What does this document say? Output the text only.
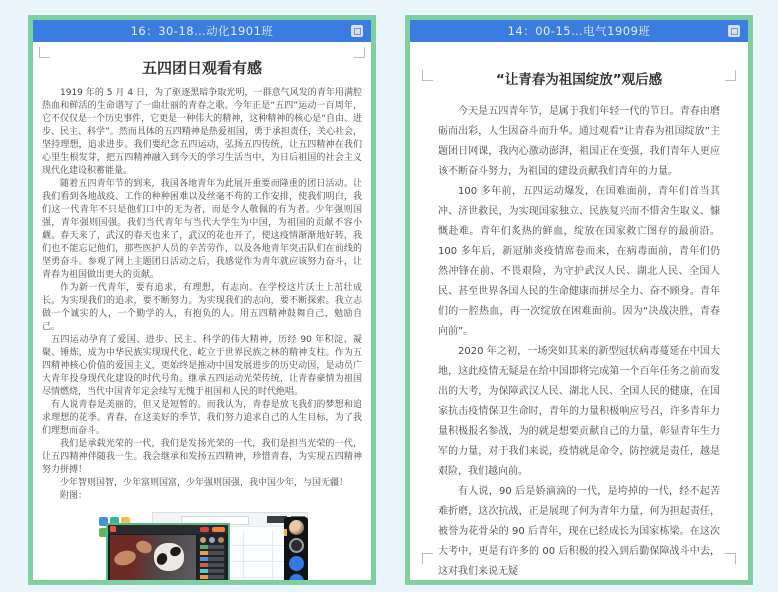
16：30-18…动化1901班
五四团日观看有感

1919 年的 5 月 4 日，为了驱逐黑暗争取光明，一群意气风发的青年用满腔热血和鲜活的生命谱写了一曲壮丽的青春之歌。今年正是“五四”运动一百周年，它不仅仅是一个历史事件，它更是一种伟大的精神，这种精神的核心是“自由、进步、民主、科学”。然而具体的五四精神是热爱祖国，勇于承担责任，关心社会，坚持理想，追求进步。我们要纪念五四运动，弘扬五四传统，让五四精神在我们心里生根发芽，把五四精神融入到今天的学习生活当中，为日后祖国的社会主义现代化建设积蓄能量。

随着五四青年节的到来，我国各地青年为此展开重要而隆重的团日活动。让我们看到各地战疫、工作的种种困难以及丝毫不苟的工作安排，使我们明白，我们这一代青年不只是他们口中的无为者，而是令人敬佩的有为者。少年强则国强，青年强则国强。我们当代青年与当代大学生为中国，为祖国的贡献不容小觑。春天来了，武汉的春天也来了，武汉的花也开了，使这疫情渐渐地好转，我们也不能忘记他们，那些医护人员的辛苦劳作，以及各地青年突击队们在前线的坚勇奋斗。参观了网上主题团日活动之后，我感觉作为青年就应该努力奋斗，让青春为祖国做出更大的贡献。

作为新一代青年，要有追求，有理想，有志向。在学校这片沃土上茁壮成长。为实现我们的追求，要不断努力。为实现我们的志向，要不断探索。我立志做一个诚实的人，一个勤学的人，有抱负的人。用五四精神鼓舞自己，勉励自己。

五四运动孕育了爱国、进步、民主、科学的伟大精神，历经 90 年积淀、凝聚、锤炼，成为中华民族实现现代化、屹立于世界民族之林的精神支柱。作为五四精神核心价值的爱国主义，更始终是推动中国发展进步的历史动因，是动员广大青年投身现代化建设的时代号角。继承五四运动光荣传统，让青春豪情为祖国尽情燃烧，当代中国青年定会续写无愧于祖国和人民的时代绝唱。

有人说青春是美丽的，但又是短暂的。而我认为，青春是放飞我们的梦想和追求理想的花季。青春，在这美好的季节，我们努力追求自己的人生目标，为了我们理想而奋斗。

我们是承载光荣的一代，我们是发扬光荣的一代，我们是担当光荣的一代，让五四精神伴随我一生。我会继承和发扬五四精神，珍惜青春，为实现五四精神努力拼搏！

少年智则国智，少年富则国富，少年强则国强，我中国少年，与国无疆！

附图：

14：00-15…电气1909班
“让青春为祖国绽放”观后感

今天是五四青年节，是属于我们年轻一代的节日。青春由磨砺而出彩，人生因奋斗而升华。通过观看“让青春为祖国绽放”主题团日网课，我内心激动澎湃，祖国正在变强，我们青年人更应该不断奋斗努力，为祖国的建设贡献我们青年的力量。

100 多年前，五四运动爆发，在国难面前，青年们首当其冲、济世救民，为实现国家独立、民族复兴而不惜舍生取义、慷慨赴难。青年们炙热的鲜血，绽放在国家救亡图存的最前沿。100 多年后，新冠肺炎疫情席卷而来，在病毒面前，青年们仍然冲锋在前、不畏艰险，为守护武汉人民、湖北人民、全国人民、甚至世界各国人民的生命健康而拼尽全力、奋不顾身。青年们的一腔热血，再一次绽放在困难面前。因为“决战决胜，青春向前”。

2020 年之初，一场突如其来的新型冠状病毒蔓延在中国大地，这此疫情无疑是在给中国即将完成第一个百年任务之前而发出的大考，为保障武汉人民、湖北人民、全国人民的健康，在国家抗击疫情保卫生命时，青年的力量积极响应号召，许多青年力量积极报名参战，为的就是想要贡献自己的力量，彰显青年生力军的力量，对于我们来说，疫情就是命令，防控就是责任，越是艰险，我们越向前。

有人说，90 后是娇滴滴的一代，是垮掉的一代，经不起苦难折磨，这次抗战，正是展现了何为青年力量，何为担起责任，被誉为花骨朵的 90 后青年，现在已经成长为国家栋梁。在这次大考中，更是有许多的 00 后积极的投入到后勤保障战斗中去，这对我们来说无疑
